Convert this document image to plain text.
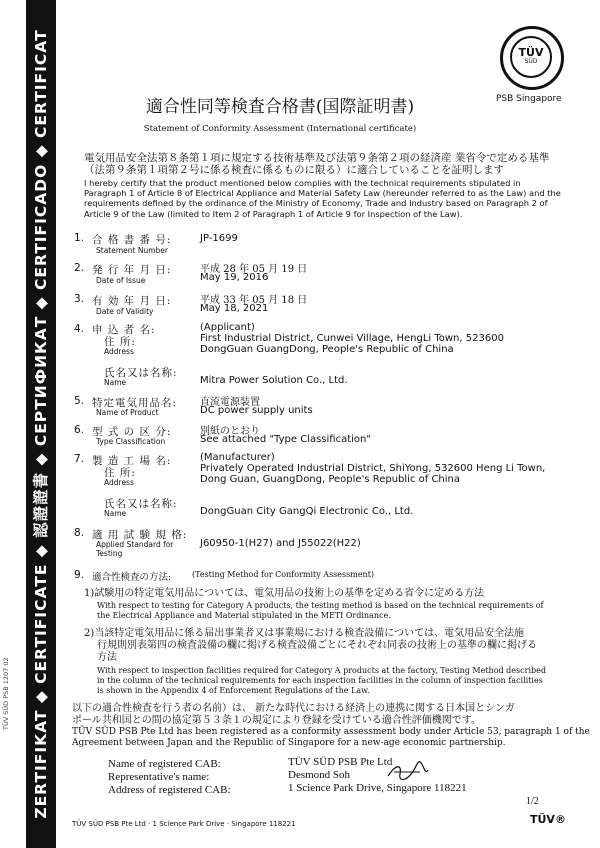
ZERTIFIKAT ◆ CERTIFICATE ◆ 認證證書 ◆ СЕРТИФИКАТ ◆ CERTIFICADO ◆ CERTIFICAT
TÜV SÜD PSB 1207 02
TÜV
SÜD
PSB Singapore
適合性同等検査合格書(国際証明書)
Statement of Conformity Assessment (International certificate)
電気用品安全法第８条第１項に規定する技術基準及び法第９条第２項の経済産 業省令で定める基準（法第９条第１項第２号に係る検査に係るものに限る）に適合していることを証明します
I hereby certify that the product mentioned below complies with the technical requirements stipulated in Paragraph 1 of Article 8 of Electrical Appliance and Material Safety Law (hereunder referred to as the Law) and the requirements defined by the ordinance of the Ministry of Economy, Trade and Industry based on Paragraph 2 of Article 9 of the Law (limited to Item 2 of Paragraph 1 of Article 9 for Inspection of the Law).
1. 合 格 書 番 号:
Statement Number
JP-1699
2. 発 行 年 月 日:
Date of Issue
平成 28 年 05 月 19 日
May 19, 2016
3. 有 効 年 月 日:
Date of Validity
平成 33 年 05 月 18 日
May 18, 2021
4. 申 込 者 名:
住 所:
Address
(Applicant)
First Industrial District, Cunwei Village, HengLi Town, 523600
DongGuan GuangDong, People's Republic of China
氏名又は名称:
Name	Mitra Power Solution Co., Ltd.
5. 特定電気用品名:
Name of Product
直流電源装置
DC power supply units
6. 型 式 の 区 分:
Type Classification
別紙のとおり
See attached "Type Classification"
7. 製 造 工 場 名:
住 所:
Address
(Manufacturer)
Privately Operated Industrial District, ShiYong, 532600 Heng Li Town,
Dong Guan, GuangDong, People's Republic of China
氏名又は名称:
Name	DongGuan City GangQi Electronic Co., Ltd.
8. 適 用 試 験 規 格:
Applied Standard for
Testing
J60950-1(H27) and J55022(H22)
9. 適合性検査の方法:	(Testing Method for Conformity Assessment)
1)試験用の特定電気用品については、電気用品の技術上の基準を定める省令に定める方法
With respect to testing for Category A products, the testing method is based on the technical requirements of
the Electrical Appliance and Material stipulated in the METI Ordinance.
2)当該特定電気用品に係る届出事業者又は事業場における検査設備については、電気用品安全法施
行規則別表第四の検査設備の欄に掲げる検査設備ごとにそれぞれ同表の技術上の基準の欄に掲げる
方法
With respect to inspection facilities required for Category A products at the factory, Testing Method described
in the column of the technical requirements for each inspection facilities in the column of inspection facilities
is shown in the Appendix 4 of Enforcement Regulations of the Law.
以下の適合性検査を行う者の名前）は、 新たな時代における経済上の連携に関する日本国とシンガ
ポール共和国との間の協定第５３条１の規定により登録を受けている適合性評価機関です。
TÜV SÜD PSB Pte Ltd has been registered as a conformity assessment body under Article 53, paragraph 1 of the
Agreement between Japan and the Republic of Singapore for a new-age economic partnership.
Name of registered CAB:	TÜV SÜD PSB Pte Ltd
Representative's name:	Desmond Soh
Address of registered CAB:	1 Science Park Drive, Singapore 118221
1/2
TÜV SÜD PSB Pte Ltd · 1 Science Park Drive · Singapore 118221	TÜV®
